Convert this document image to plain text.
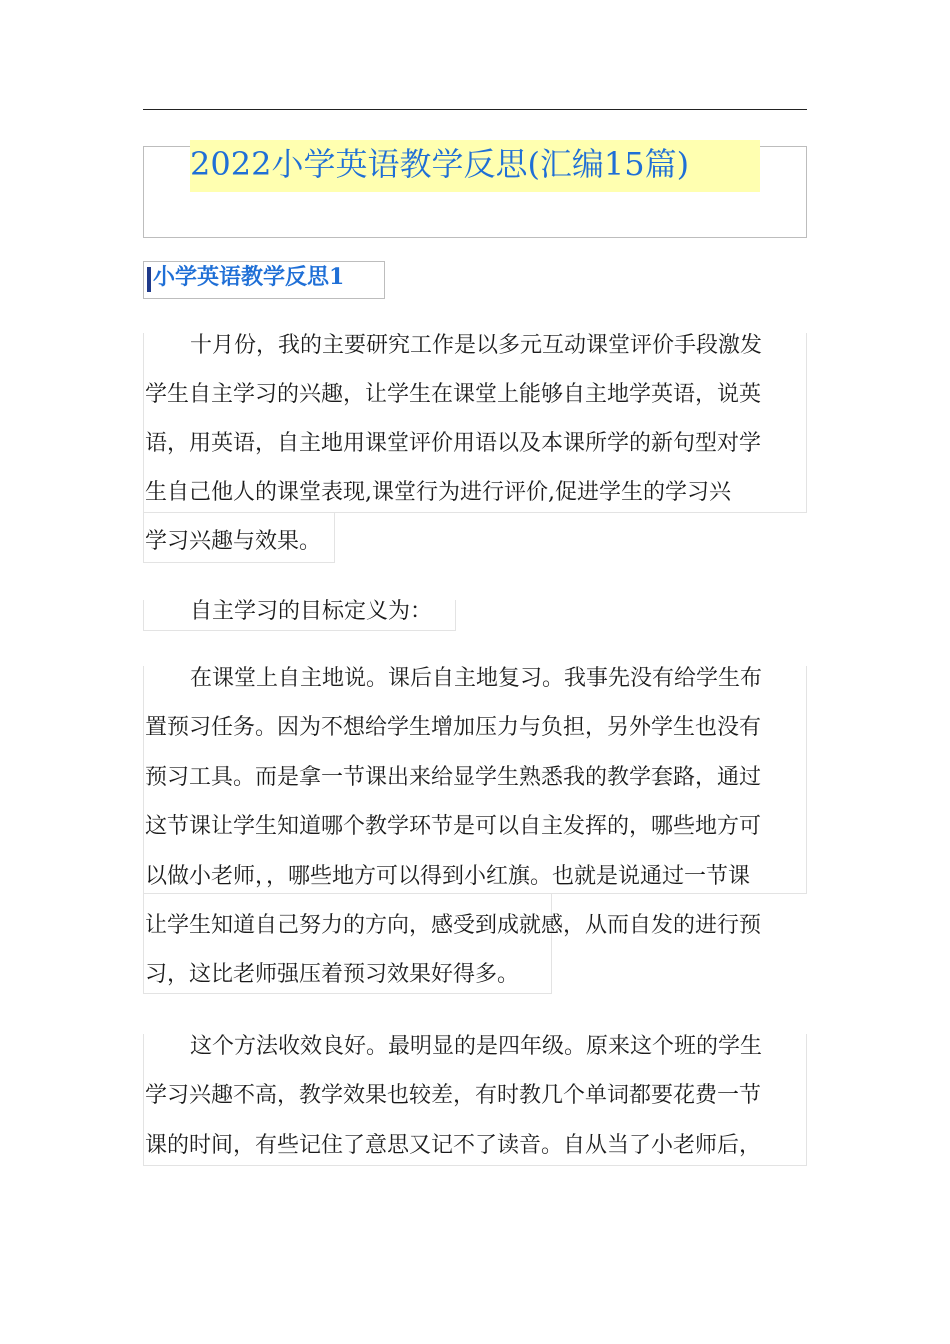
2022小学英语教学反思(汇编15篇)
小学英语教学反思1
十月份，我的主要研究工作是以多元互动课堂评价手段激发
学生自主学习的兴趣，让学生在课堂上能够自主地学英语，说英
语，用英语，自主地用课堂评价用语以及本课所学的新句型对学
生自己他人的课堂表现,课堂行为进行评价,促进学生的学习兴
学习兴趣与效果。
自主学习的目标定义为：
在课堂上自主地说。课后自主地复习。我事先没有给学生布
置预习任务。因为不想给学生增加压力与负担，另外学生也没有
预习工具。而是拿一节课出来给显学生熟悉我的教学套路，通过
这节课让学生知道哪个教学环节是可以自主发挥的，哪些地方可
以做小老师，，哪些地方可以得到小红旗。也就是说通过一节课
让学生知道自己努力的方向，感受到成就感，从而自发的进行预
习，这比老师强压着预习效果好得多。
这个方法收效良好。最明显的是四年级。原来这个班的学生
学习兴趣不高，教学效果也较差，有时教几个单词都要花费一节
课的时间，有些记住了意思又记不了读音。自从当了小老师后，
